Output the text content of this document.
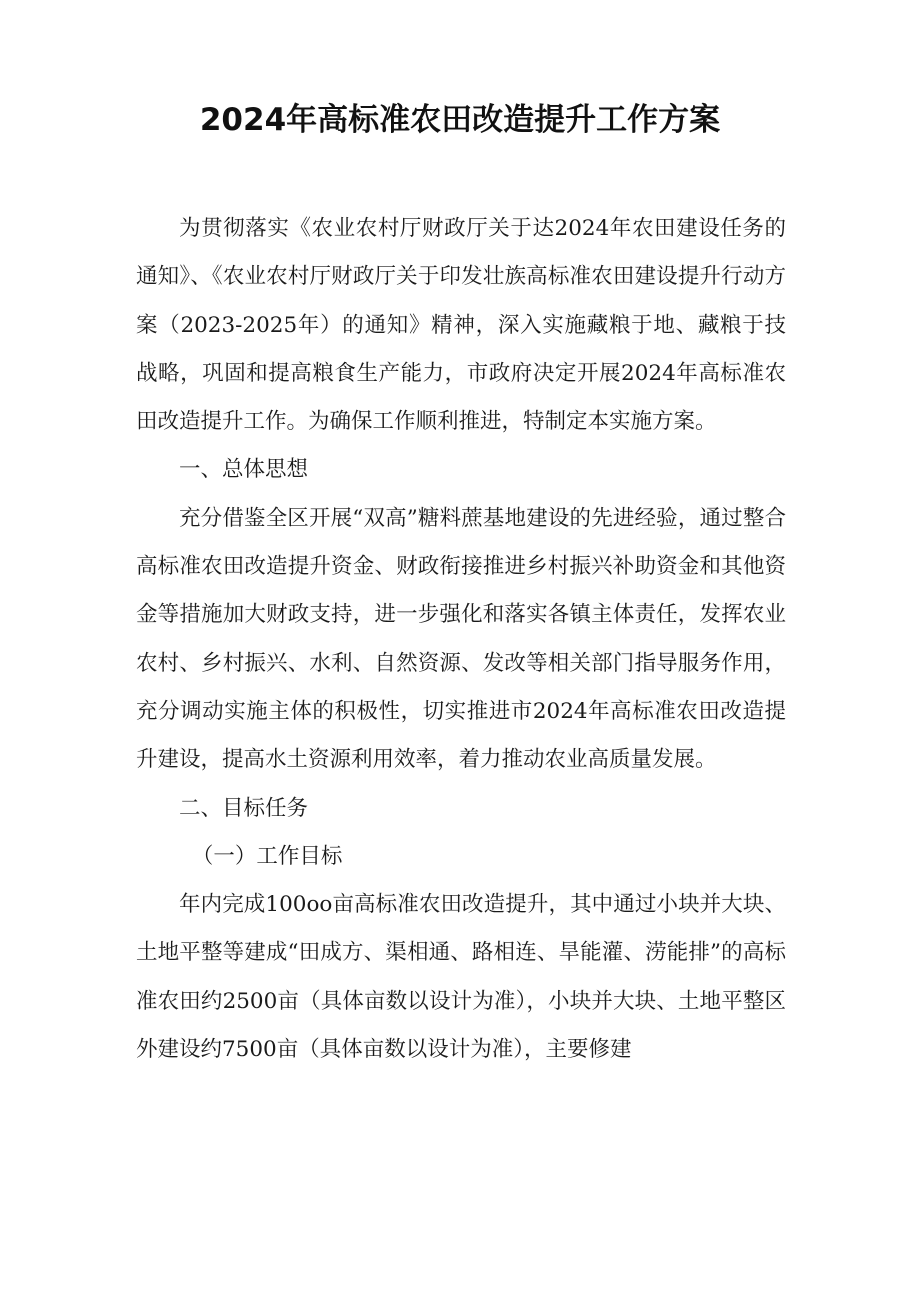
2024年高标准农田改造提升工作方案

为贯彻落实《农业农村厅财政厅关于达2024年农田建设任务的通知》、《农业农村厅财政厅关于印发壮族高标准农田建设提升行动方案（2023-2025年）的通知》精神，深入实施藏粮于地、藏粮于技战略，巩固和提高粮食生产能力，市政府决定开展2024年高标准农田改造提升工作。为确保工作顺利推进，特制定本实施方案。

一、总体思想

充分借鉴全区开展“双高”糖料蔗基地建设的先进经验，通过整合高标准农田改造提升资金、财政衔接推进乡村振兴补助资金和其他资金等措施加大财政支持，进一步强化和落实各镇主体责任，发挥农业农村、乡村振兴、水利、自然资源、发改等相关部门指导服务作用，充分调动实施主体的积极性，切实推进市2024年高标准农田改造提升建设，提高水土资源利用效率，着力推动农业高质量发展。

二、目标任务

（一）工作目标

年内完成100oo亩高标准农田改造提升，其中通过小块并大块、土地平整等建成“田成方、渠相通、路相连、旱能灌、涝能排”的高标准农田约2500亩（具体亩数以设计为准），小块并大块、土地平整区外建设约7500亩（具体亩数以设计为准），主要修建
